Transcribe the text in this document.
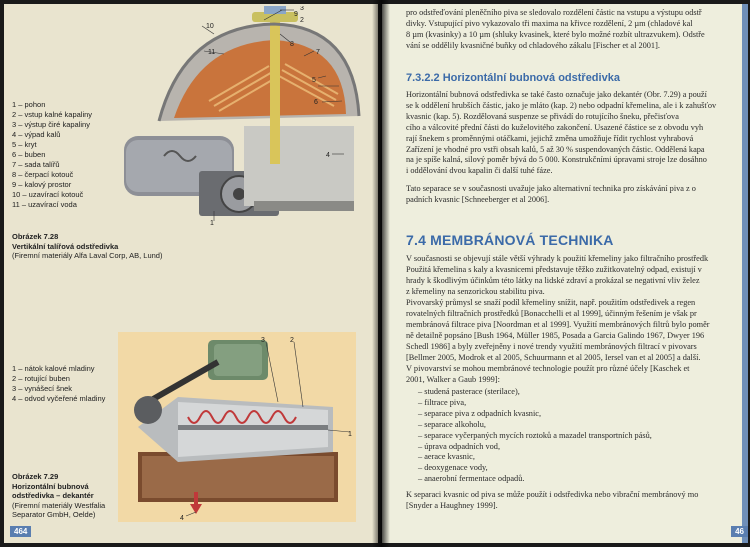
10
11
9
8
7
5
6
4
2
3
1
1 – pohon
2 – vstup kalné kapaliny
3 – výstup čiré kapaliny
4 – výpad kalů
5 – kryt
6 – buben
7 – sada talířů
8 – čerpací kotouč
9 – kalový prostor
10 – uzavírací kotouč
11 – uzavírací voda
Obrázek 7.28
Vertikální talířová odstředivka
(Firemní materiály Alfa Laval Corp, AB, Lund)
1 – nátok kalové mladiny
2 – rotující buben
3 – vynášecí šnek
4 – odvod vyčeřené mladiny
3	2
1
4
Obrázek 7.29
Horizontální bubnová
odstředivka – dekantér
(Firemní materiály Westfalia
Separator GmbH, Oelde)
464
pro odstřeďování pleněčního piva se sledovalo rozdělení částic na vstupu a výstupu odstř
divky. Vstupující pivo vykazovalo tři maxima na křivce rozdělení, 2 µm (chladové kal
8 µm (kvasinky) a 10 µm (shluky kvasinek, které bylo možné rozbít ultrazvukem). Odstře
vání se oddělily kvasničné buňky od chladového zákalu [Fischer et al 2001].
7.3.2.2 Horizontální bubnová odstředivka
Horizontální bubnová odstředivka se také často označuje jako dekantér (Obr. 7.29) a použí
se k oddělení hrubších částic, jako je mláto (kap. 2) nebo odpadní křemelina, ale i k zahušťov
kvasnic (kap. 5). Rozdělovaná suspenze se přivádí do rotujícího šneku, přečisťova
cího a válcovité přední části do kuželovitého zakončení. Usazené částice se z obvodu vyh
rají šnekem s proměnnými otáčkami, jejichž změna umožňuje řídit rychlost vyhrabová
Zařízení je vhodné pro vstři obsah kalů, 5 až 30 % suspendovaných částic. Oddělená kapa
na je spíše kalná, silový poměr bývá do 5 000. Konstrukčními úpravami stroje lze dosáhno
i oddělování dvou kapalin či další tuhé fáze.
Tato separace se v současnosti uvažuje jako alternativní technika pro získávání piva z o
padních kvasnic [Schneeberger et al 2006].
7.4 MEMBRÁNOVÁ TECHNIKA
V současnosti se objevují stále větší výhrady k použití křemeliny jako filtračního prostředk
Použitá křemelina s kaly a kvasnicemi představuje těžko zužitkovatelný odpad, existují v
hrady k škodlivým účinkům této látky na lidské zdraví a prokázal se negativní vliv želez
z křemeliny na senzorickou stabilitu piva.
Pivovarský průmysl se snaží podíl křemeliny snížit, např. použitím odstředivek a regen
rovatelných filtračních prostředků [Bonacchelli et al 1999], účinným řešením je však pr
membránová filtrace piva [Noordman et al 1999]. Využití membránových filtrů bylo poměr
ně detailně popsáno [Bush 1964, Müller 1985, Posada a Garcia Galindo 1967, Dwyer 196
Schedl 1986] a byly zveřejněny i nové trendy využití membránových filtrací v pivovars
[Bellmer 2005, Modrok et al 2005, Schuurmann et al 2005, Iersel van et al 2005] a další.
V pivovarství se mohou membránové technologie použít pro různé účely [Kaschek et
2001, Walker a Gaub 1999]:
– studená pasterace (sterilace),
– filtrace piva,
– separace piva z odpadních kvasnic,
– separace alkoholu,
– separace vyčerpaných mycích roztoků a mazadel transportních pásů,
– úprava odpadních vod,
– aerace kvasnic,
– deoxygenace vody,
– anaerobní fermentace odpadů.
K separaci kvasnic od piva se může použít i odstředivka nebo vibrační membránový mo
[Snyder a Haughney 1999].
46
